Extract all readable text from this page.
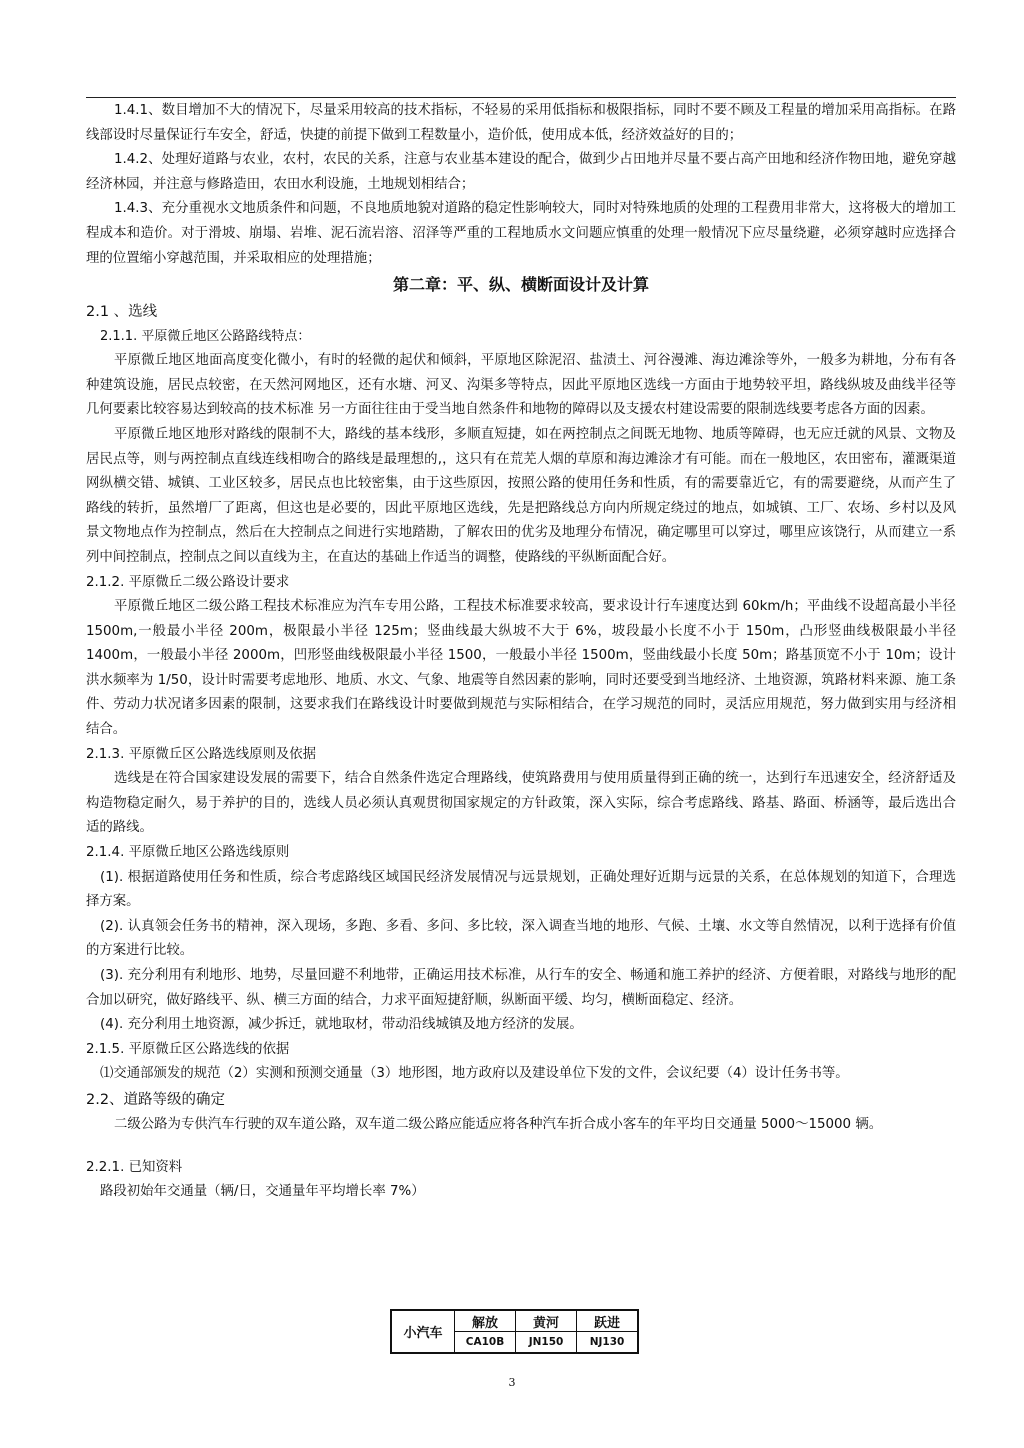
1.4.1、数目增加不大的情况下，尽量采用较高的技术指标，不轻易的采用低指标和极限指标，同时不要不顾及工程量的增加采用高指标。在路线部设时尽量保证行车安全，舒适，快捷的前提下做到工程数量小，造价低，使用成本低，经济效益好的目的；

1.4.2、处理好道路与农业，农村，农民的关系，注意与农业基本建设的配合，做到少占田地并尽量不要占高产田地和经济作物田地，避免穿越经济林园，并注意与修路造田，农田水利设施，土地规划相结合；

1.4.3、充分重视水文地质条件和问题，不良地质地貌对道路的稳定性影响较大，同时对特殊地质的处理的工程费用非常大，这将极大的增加工程成本和造价。对于滑坡、崩塌、岩堆、泥石流岩溶、沼泽等严重的工程地质水文问题应慎重的处理一般情况下应尽量绕避，必须穿越时应选择合理的位置缩小穿越范围，并采取相应的处理措施；

第二章：平、纵、横断面设计及计算

2.1 、选线

2.1.1. 平原微丘地区公路路线特点：

平原微丘地区地面高度变化微小，有时的轻微的起伏和倾斜，平原地区除泥沼、盐渍土、河谷漫滩、海边滩涂等外，一般多为耕地，分布有各种建筑设施，居民点较密，在天然河网地区，还有水塘、河叉、沟渠多等特点，因此平原地区选线一方面由于地势较平坦，路线纵坡及曲线半径等几何要素比较容易达到较高的技术标准 另一方面往往由于受当地自然条件和地物的障碍以及支援农村建设需要的限制选线要考虑各方面的因素。

平原微丘地区地形对路线的限制不大，路线的基本线形，多顺直短捷，如在两控制点之间既无地物、地质等障碍，也无应迁就的风景、文物及居民点等，则与两控制点直线连线相吻合的路线是最理想的,，这只有在荒芜人烟的草原和海边滩涂才有可能。而在一般地区，农田密布，灌溉渠道网纵横交错、城镇、工业区较多，居民点也比较密集，由于这些原因，按照公路的使用任务和性质，有的需要靠近它，有的需要避绕，从而产生了路线的转折，虽然增厂了距离，但这也是必要的，因此平原地区选线，先是把路线总方向内所规定绕过的地点，如城镇、工厂、农场、乡村以及风景文物地点作为控制点，然后在大控制点之间进行实地踏勘，了解农田的优劣及地理分布情况，确定哪里可以穿过，哪里应该饶行，从而建立一系列中间控制点，控制点之间以直线为主，在直达的基础上作适当的调整，使路线的平纵断面配合好。

2.1.2. 平原微丘二级公路设计要求

平原微丘地区二级公路工程技术标准应为汽车专用公路，工程技术标准要求较高，要求设计行车速度达到 60km/h；平曲线不设超高最小半径 1500m,一般最小半径 200m，极限最小半径 125m；竖曲线最大纵坡不大于 6%，坡段最小长度不小于 150m，凸形竖曲线极限最小半径 1400m，一般最小半径 2000m，凹形竖曲线极限最小半径 1500，一般最小半径 1500m，竖曲线最小长度 50m；路基顶宽不小于 10m；设计洪水频率为 1/50，设计时需要考虑地形、地质、水文、气象、地震等自然因素的影响，同时还要受到当地经济、土地资源，筑路材料来源、施工条件、劳动力状况诸多因素的限制，这要求我们在路线设计时要做到规范与实际相结合，在学习规范的同时，灵活应用规范，努力做到实用与经济相结合。

2.1.3. 平原微丘区公路选线原则及依据

选线是在符合国家建设发展的需要下，结合自然条件选定合理路线，使筑路费用与使用质量得到正确的统一，达到行车迅速安全，经济舒适及构造物稳定耐久，易于养护的目的，选线人员必须认真观贯彻国家规定的方针政策，深入实际，综合考虑路线、路基、路面、桥涵等，最后选出合适的路线。

2.1.4. 平原微丘地区公路选线原则

(1). 根据道路使用任务和性质，综合考虑路线区域国民经济发展情况与远景规划，正确处理好近期与远景的关系，在总体规划的知道下，合理选择方案。

(2). 认真领会任务书的精神，深入现场，多跑、多看、多问、多比较，深入调查当地的地形、气候、土壤、水文等自然情况，以利于选择有价值的方案进行比较。

(3). 充分利用有利地形、地势，尽量回避不利地带，正确运用技术标准，从行车的安全、畅通和施工养护的经济、方便着眼，对路线与地形的配合加以研究，做好路线平、纵、横三方面的结合，力求平面短捷舒顺，纵断面平缓、均匀，横断面稳定、经济。

(4). 充分利用土地资源，减少拆迁，就地取材，带动沿线城镇及地方经济的发展。

2.1.5. 平原微丘区公路选线的依据

⑴交通部颁发的规范（2）实测和预测交通量（3）地形图，地方政府以及建设单位下发的文件，会议纪要（4）设计任务书等。

2.2、道路等级的确定

二级公路为专供汽车行驶的双车道公路，双车道二级公路应能适应将各种汽车折合成小客车的年平均日交通量 5000～15000 辆。

2.2.1. 已知资料

路段初始年交通量（辆/日，交通量年平均增长率 7%）

小汽车	解放	黄河	跃进
	CA10B	JN150	NJ130
3
